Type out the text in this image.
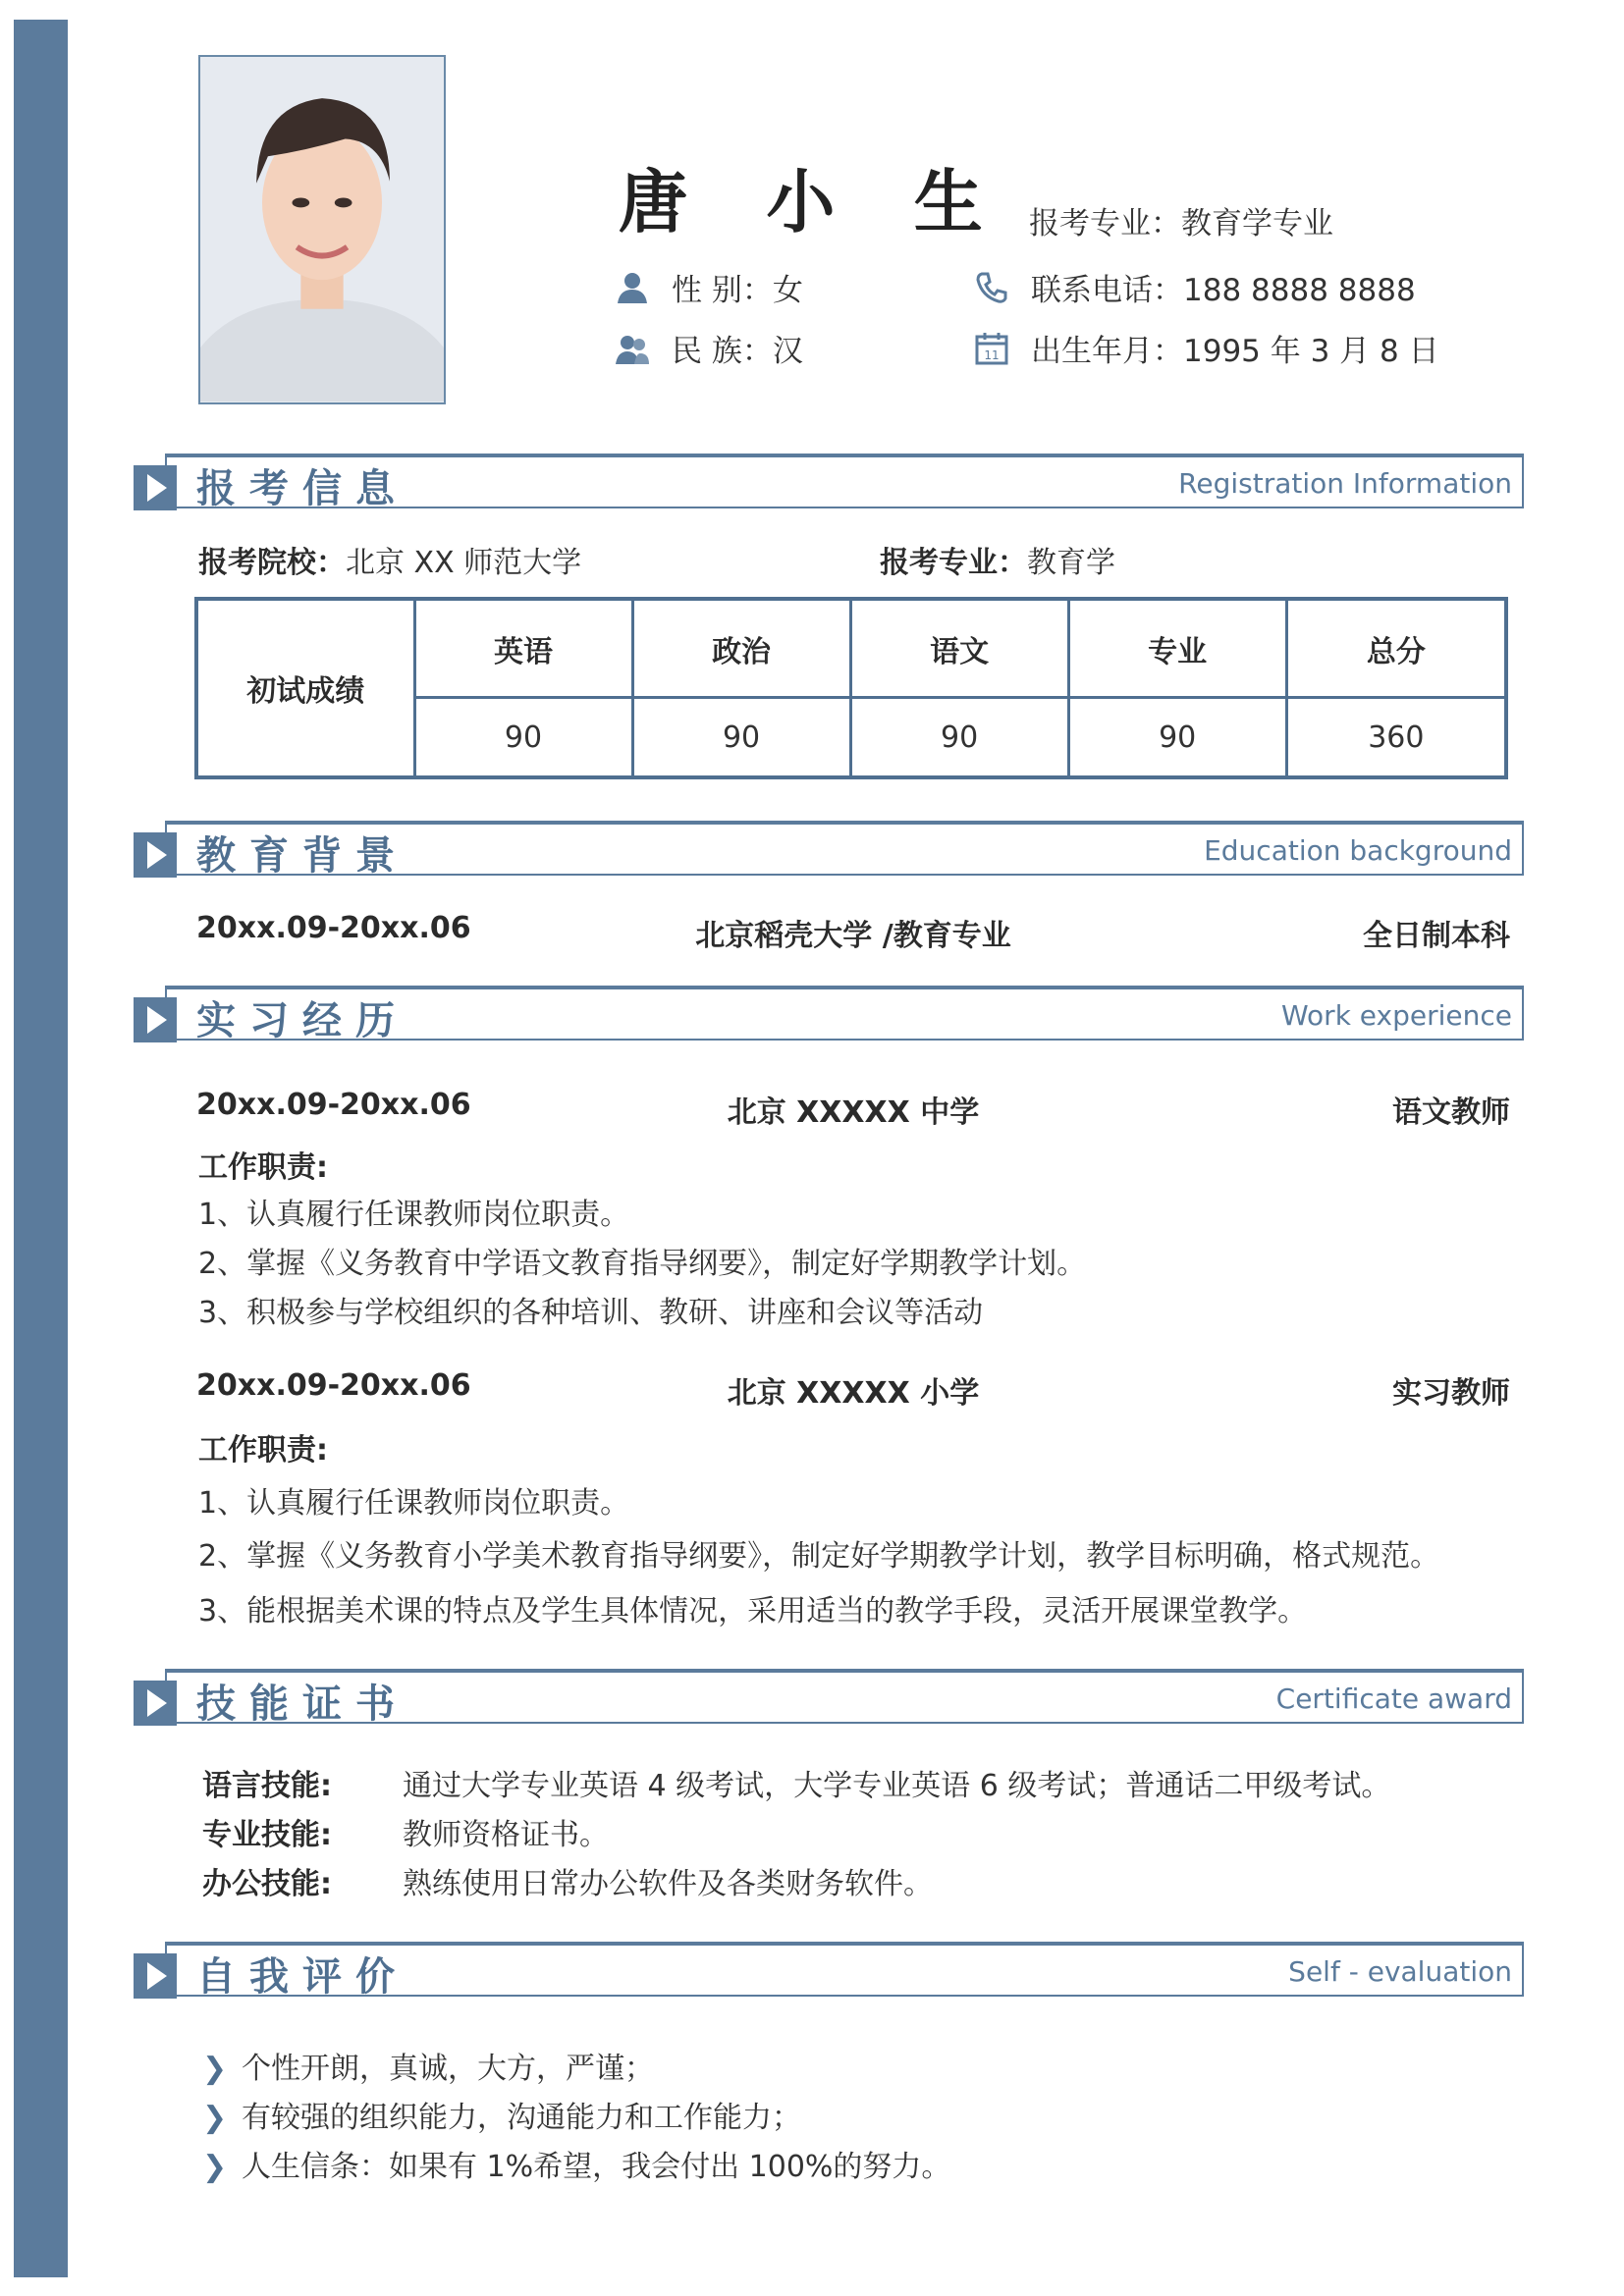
唐 小 生 报考专业：教育学专业
性 别：女
民 族：汉
联系电话：188 8888 8888
11 出生年月：1995 年 3 月 8 日
报考信息	Registration Information
报考院校：北京 XX 师范大学	报考专业：教育学
初试成绩	英语	政治	语文	专业	总分
	90	90	90	90	360
教育背景	Education background
20xx.09-20xx.06	北京稻壳大学 /教育专业	全日制本科
实习经历	Work experience
20xx.09-20xx.06	北京 XXXXX 中学	语文教师
工作职责:
1、认真履行任课教师岗位职责。
2、掌握《义务教育中学语文教育指导纲要》，制定好学期教学计划。
3、积极参与学校组织的各种培训、教研、讲座和会议等活动
20xx.09-20xx.06	北京 XXXXX 小学	实习教师
工作职责:
1、认真履行任课教师岗位职责。
2、掌握《义务教育小学美术教育指导纲要》，制定好学期教学计划，教学目标明确，格式规范。
3、能根据美术课的特点及学生具体情况，采用适当的教学手段，灵活开展课堂教学。
技能证书	Certificate award
语言技能: 通过大学专业英语 4 级考试，大学专业英语 6 级考试；普通话二甲级考试。
专业技能: 教师资格证书。
办公技能: 熟练使用日常办公软件及各类财务软件。
自我评价	Self - evaluation
❯ 个性开朗，真诚，大方，严谨；
❯ 有较强的组织能力，沟通能力和工作能力；
❯ 人生信条：如果有 1%希望，我会付出 100%的努力。
